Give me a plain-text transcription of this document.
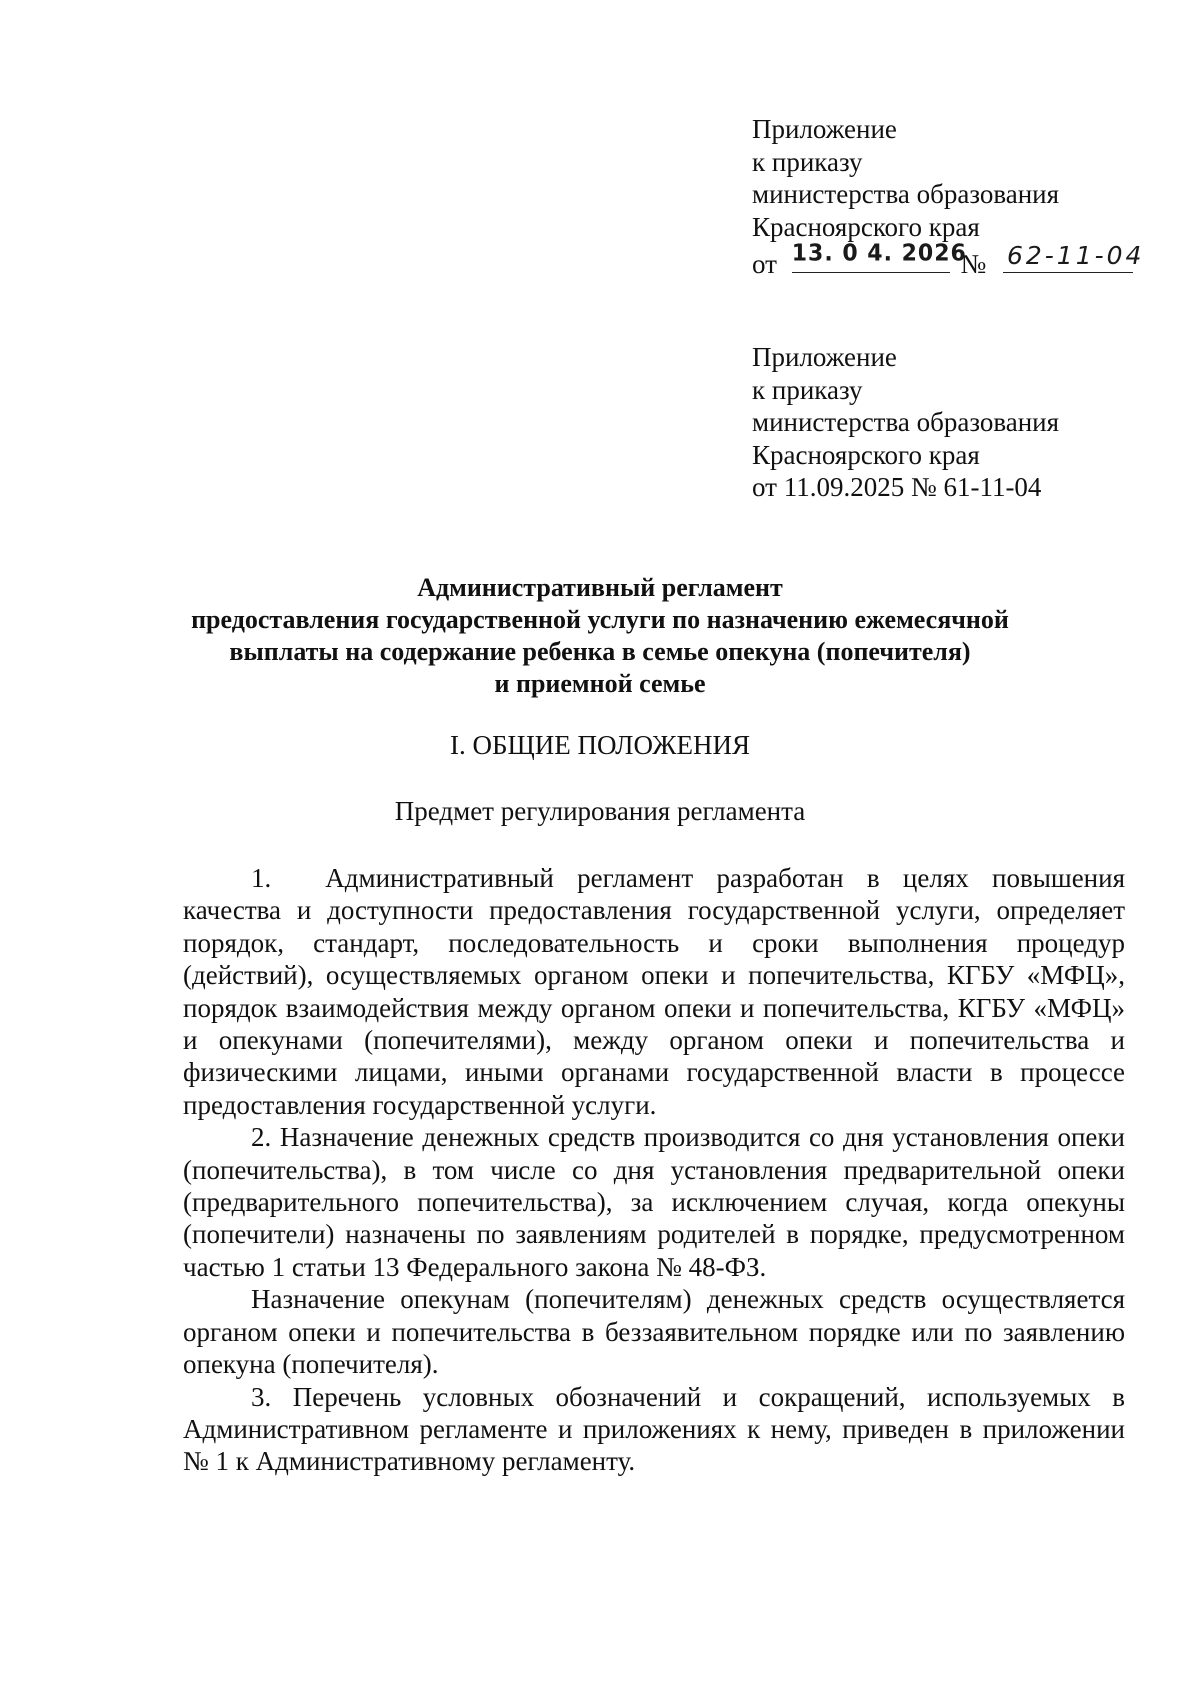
Приложение
к приказу
министерства образования
Красноярского края
от 13. 0 4. 2026
№ 62-11-04
Приложение
к приказу
министерства образования
Красноярского края
от 11.09.2025 № 61-11-04
Административный регламент
предоставления государственной услуги по назначению ежемесячной
выплаты на содержание ребенка в семье опекуна (попечителя)
и приемной семье
I. ОБЩИЕ ПОЛОЖЕНИЯ
Предмет регулирования регламента

1. Административный регламент разработан в целях повышения качества и доступности предоставления государственной услуги, определяет порядок, стандарт, последовательность и сроки выполнения процедур (действий), осуществляемых органом опеки и попечительства, КГБУ «МФЦ», порядок взаимодействия между органом опеки и попечительства, КГБУ «МФЦ» и опекунами (попечителями), между органом опеки и попечительства и физическими лицами, иными органами государственной власти в процессе предоставления государственной услуги.

2. Назначение денежных средств производится со дня установления опеки (попечительства), в том числе со дня установления предварительной опеки (предварительного попечительства), за исключением случая, когда опекуны (попечители) назначены по заявлениям родителей в порядке, предусмотренном частью 1 статьи 13 Федерального закона № 48-ФЗ.

Назначение опекунам (попечителям) денежных средств осуществляется органом опеки и попечительства в беззаявительном порядке или по заявлению опекуна (попечителя).

3. Перечень условных обозначений и сокращений, используемых в Административном регламенте и приложениях к нему, приведен в приложении № 1 к Административному регламенту.
